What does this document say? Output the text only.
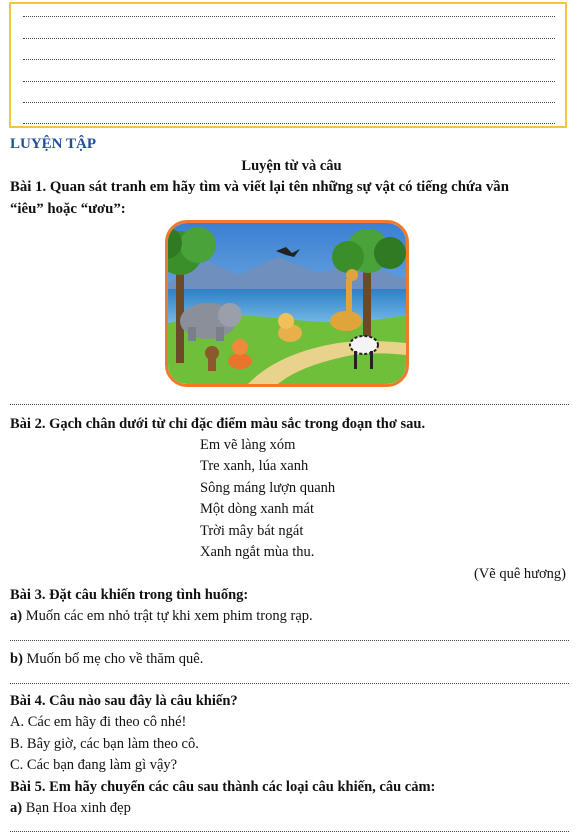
LUYỆN TẬP
Luyện từ và câu
Bài 1. Quan sát tranh em hãy tìm và viết lại tên những sự vật có tiếng chứa vần
“iêu” hoặc “ươu”:
Bài 2. Gạch chân dưới từ chỉ đặc điểm màu sắc trong đoạn thơ sau.
Em vẽ làng xóm
Tre xanh, lúa xanh
Sông máng lượn quanh
Một dòng xanh mát
Trời mây bát ngát
Xanh ngắt mùa thu.
(Vẽ quê hương)
Bài 3. Đặt câu khiến trong tình huống:
a) Muốn các em nhỏ trật tự khi xem phim trong rạp.
b) Muốn bố mẹ cho về thăm quê.
Bài 4. Câu nào sau đây là câu khiến?
A. Các em hãy đi theo cô nhé!
B. Bây giờ, các bạn làm theo cô.
C. Các bạn đang làm gì vậy?
Bài 5. Em hãy chuyển các câu sau thành các loại câu khiến, câu cảm:
a) Bạn Hoa xinh đẹp
